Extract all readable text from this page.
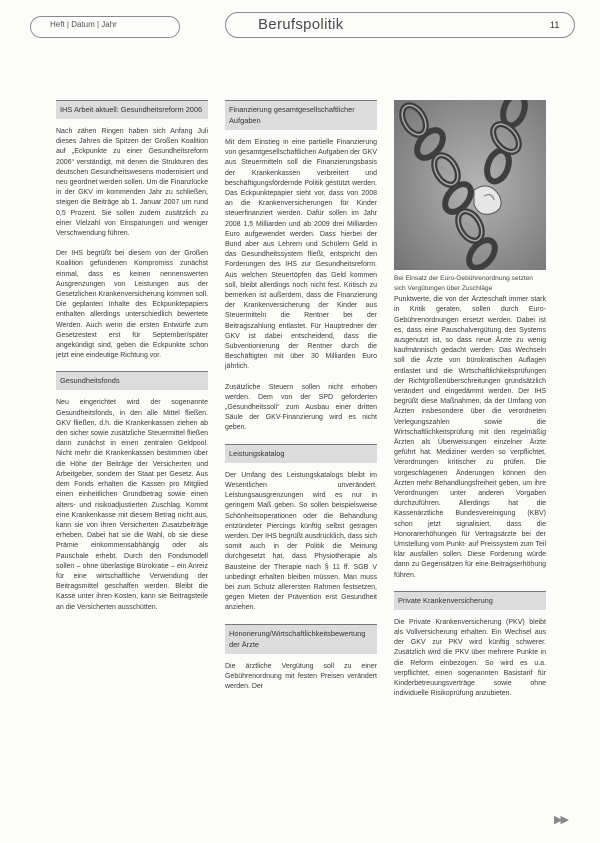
Heft | Datum | Jahr	Berufspolitik	11
IHS Arbeit aktuell: Gesundheitsreform 2006

Nach zähen Ringen haben sich Anfang Juli dieses Jahres die Spitzen der Großen Koalition auf „Eckpunkte zu einer Gesundheitsreform 2006“ verständigt, mit denen die Strukturen des deutschen Gesundheitswesens modernisiert und neu geordnet werden sollen. Um die Finanzlücke in der GKV im kommenden Jahr zu schließen, steigen die Beiträge ab 1. Januar 2007 um rund 0,5 Prozent. Sie sollen zudem zusätzlich zu einer Vielzahl von Einsparungen und weniger Verschwendung führen.

Der IHS begrüßt bei diesem von der Großen Koalition gefundenen Kompromiss zunächst einmal, dass es keinen nennenswerten Ausgrenzungen von Leistungen aus der Gesetzlichen Krankenversicherung kommen soll. Die geplanten Inhalte des Eckpunktepapiers enthalten allerdings unterschiedlich bewertete Werden. Auch wenn die ersten Entwürfe zum Gesetzestext erst für September/später angekündigt sind, geben die Eckpunkte schon jetzt eine eindeutige Richtung vor.

Gesundheitsfonds

Neu eingerichtet wird der sogenannte Gesundheitsfonds, in den alle Mittel fließen. GKV fließen, d.h. die Krankenkassen ziehen ab den sicher sowie zusätzliche Steuermittel fließen dann zunächst in einen zentralen Geldpool. Nicht mehr die Krankenkassen bestimmen über die Höhe der Beiträge der Versicherten und Arbeitgeber, sondern der Staat per Gesetz. Aus dem Fonds erhalten die Kassen pro Mitglied einen einheitlichen Grundbetrag sowie einen alters- und risikoadjustierten Zuschlag. Kommt eine Krankenkasse mit diesem Betrag nicht aus, kann sie von ihren Versicherten Zusatzbeiträge erheben. Dabei hat sie die Wahl, ob sie diese Prämie einkommensabhängig oder als Pauschale erhebt. Durch den Fondsmodell sollen – ohne überlastige Bürokratie – ein Anreiz für eine wirtschaftliche Verwendung der Beitragsmittel geschaffen werden. Bleibt die Kasse unter ihren Kosten, kann sie Beitragsteile an die Versicherten ausschütten.

Finanzierung gesamtgesellschaftlicher Aufgaben

Mit dem Einstieg in eine partielle Finanzierung von gesamtgesellschaftlichen Aufgaben der GKV aus Steuermitteln soll die Finanzierungsbasis der Krankenkassen verbreitert und beschäftigungsfördernde Politik gestützt werden. Das Eckpunktepapier sieht vor, dass von 2008 an die Krankenversicherungen für Kinder steuerfinanziert werden. Dafür sollen im Jahr 2008 1,5 Milliarden und ab 2009 drei Milliarden Euro aufgewendet werden. Dass hierbei der Bund aber aus Lehrern und Schülern Geld in das Gesundheitssystem fließt, entspricht den Forderungen des IHS zur Gesundheitsreform. Aus welchen Steuertöpfen das Geld kommen soll, bleibt allerdings noch nicht fest. Kritisch zu bemerken ist außerdem, dass die Finanzierung der Krankenversicherung der Kinder aus Steuermitteln die Rentner bei der Beitragszahlung entlastet. Für Hauptredner der GKV ist dabei entscheidend, dass die Subventionierung der Rentner durch die Beschäftigten mit über 30 Milliarden Euro jährlich.

Zusätzliche Steuern sollen nicht erhoben werden. Dem von der SPD geforderten „Gesundheitssoli“ zum Ausbau einer dritten Säule der GKV-Finanzierung wird es nicht geben.

Leistungskatalog

Der Umfang des Leistungskatalogs bleibt im Wesentlichen unverändert. Leistungsausgrenzungen wird es nur in geringem Maß geben. So sollen beispielsweise Schönheitsoperationen oder die Behandlung entzündeter Piercings künftig selbst getragen werden. Der IHS begrüßt ausdrücklich, dass sich somit auch in der Politik die Meinung durchgesetzt hat, dass Physiotherapie als Bausteine der Therapie nach § 11 ff. SGB V unbedingt erhalten bleiben müssen. Man muss bei zum Schutz allerersten Rahmen festsetzen, gegen Mieten der Prävention erst Gesundheit anziehen.

Honorierung/Wirtschaftlichkeitsbewertung der Ärzte

Die ärztliche Vergütung soll zu einer Gebührenordnung mit festen Preisen verändert werden. Der

Bei Einsatz der Euro-Gebührenordnung setzten sich Vergütungen über Zuschläge

Punktwerte, die von der Ärzteschaft immer stark in Kritik geraten, sollen durch Euro-Gebührenordnungen ersetzt werden. Dabei ist es, dass eine Pauschalvergütung des Systems ausgenutzt ist, so dass neue Ärzte zu wenig kaufmännisch gedacht werden. Das Wechseln soll die Ärzte von bürokratischen Auflagen entlastet und die Wirtschaftlichkeitsprüfungen der Richtgrößenüberschreitungen grundsätzlich verändert und eingedämmt werden. Der IHS begrüßt diese Maßnahmen, da der Umfang von Ärzten insbesondere über die verordneten Verlegungszahlen sowie die Wirtschaftlichkeitsprüfung mit den regelmäßig Ärzten als Überweisungen einzelner Ärzte geführt hat. Mediziner werden so verpflichtet, Verordnungen kritischer zu prüfen. Die vorgeschlagenen Änderungen können den Ärzten mehr Behandlungsfreiheit geben, um ihre Verordnungen unter anderen Vorgaben durchzuführen. Allerdings hat die Kassenärztliche Bundesvereinigung (KBV) schon jetzt signalisiert, dass die Honorarerhöhungen für Vertragsärzte bei der Umstellung vom Punkt- auf Preissystem zum Teil klar ausfallen sollen. Diese Forderung würde dann zu Gegensätzen für eine Beitragserhöhung führen.

Private Krankenversicherung

Die Private Krankenversicherung (PKV) bleibt als Vollversicherung erhalten. Ein Wechsel aus der GKV zur PKV wird künftig schwerer. Zusätzlich wird die PKV über mehrere Punkte in die Reform einbezogen. So wird es u.a. verpflichtet, einen sogenannten Basistarif für Kinderbetreuungsverträge sowie ohne individuelle Risikoprüfung anzubieten.

▶▶
